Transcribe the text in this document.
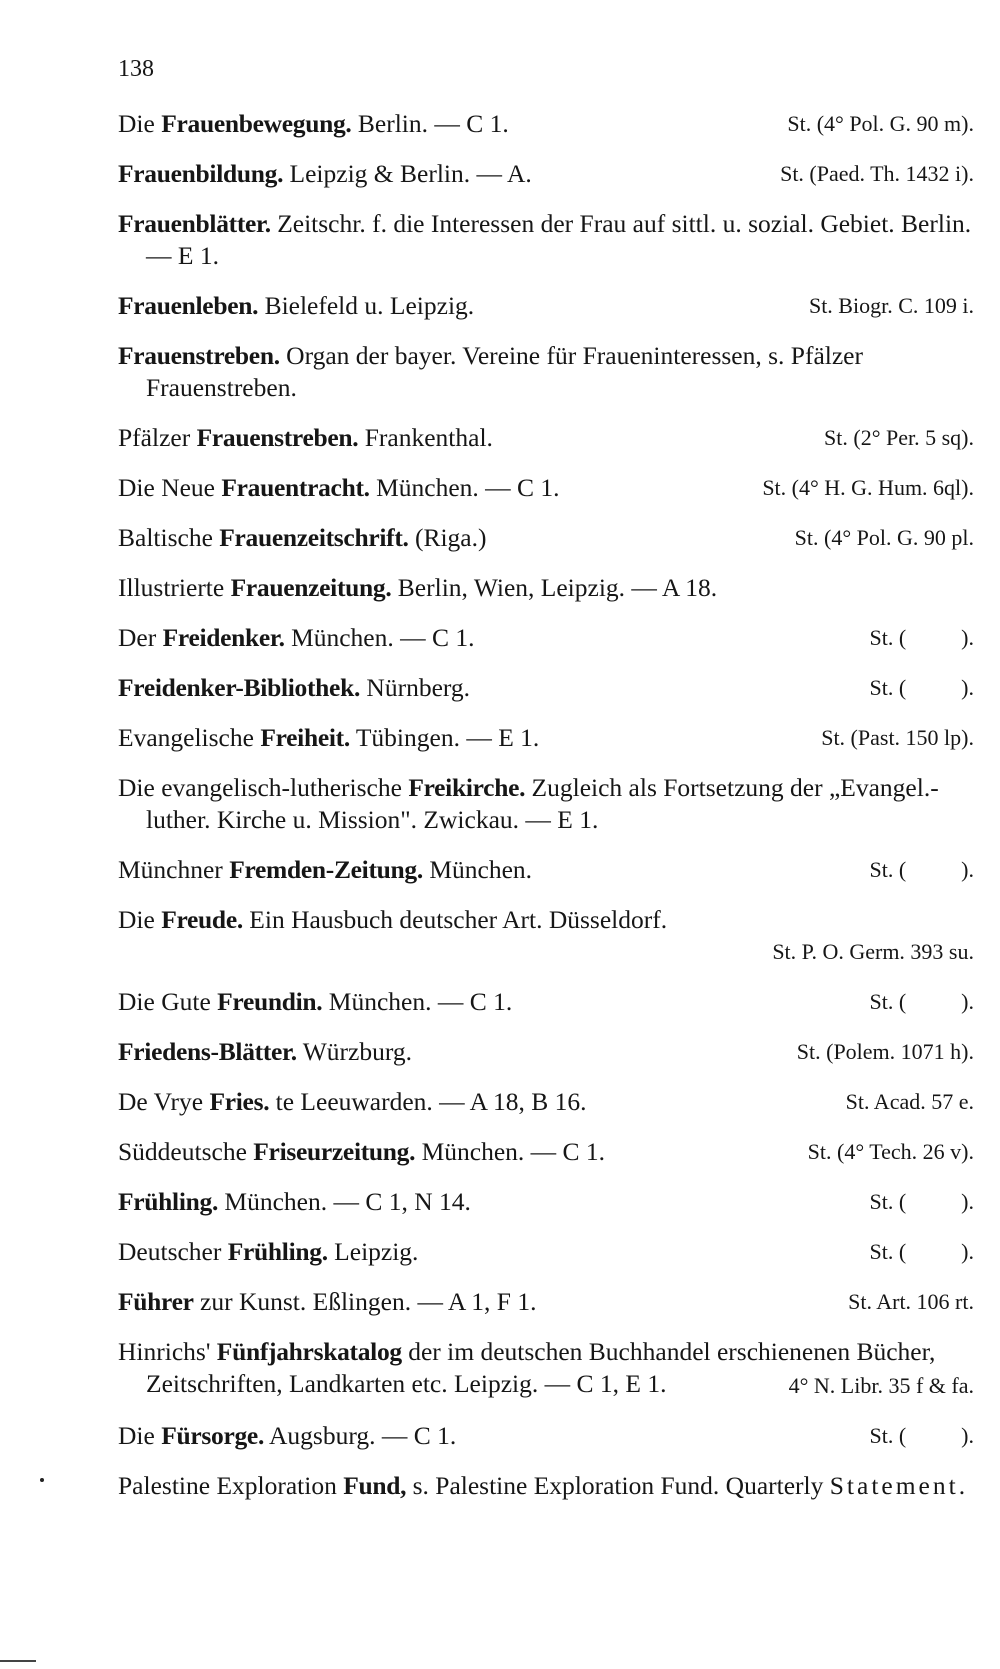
138
St. (4° Pol. G. 90 m).
Die Frauenbewegung. Berlin. — C 1.
St. (Paed. Th. 1432 i).
Frauenbildung. Leipzig & Berlin. — A.
Frauenblätter. Zeitschr. f. die Interessen der Frau auf sittl. u. sozial. Gebiet. Berlin. — E 1.
St. Biogr. C. 109 i.
Frauenleben. Bielefeld u. Leipzig.
Frauenstreben. Organ der bayer. Vereine für Fraueninteressen, s. Pfälzer Frauenstreben.
St. (2° Per. 5 sq).
Pfälzer Frauenstreben. Frankenthal.
St. (4° H. G. Hum. 6ql).
Die Neue Frauentracht. München. — C 1.
St. (4° Pol. G. 90 pl.
Baltische Frauenzeitschrift. (Riga.)
Illustrierte Frauenzeitung. Berlin, Wien, Leipzig. — A 18.
St. (          ).
Der Freidenker. München. — C 1.
St. (          ).
Freidenker-Bibliothek. Nürnberg.
St. (Past. 150 lp).
Evangelische Freiheit. Tübingen. — E 1.
Die evangelisch-lutherische Freikirche. Zugleich als Fortsetzung der „Evangel.-luther. Kirche u. Mission". Zwickau. — E 1.
St. (          ).
Münchner Fremden-Zeitung. München.
Die Freude. Ein Hausbuch deutscher Art. Düsseldorf.
St. P. O. Germ. 393 su.
St. (          ).
Die Gute Freundin. München. — C 1.
St. (Polem. 1071 h).
Friedens-Blätter. Würzburg.
St. Acad. 57 e.
De Vrye Fries. te Leeuwarden. — A 18, B 16.
St. (4° Tech. 26 v).
Süddeutsche Friseurzeitung. München. — C 1.
St. (          ).
Frühling. München. — C 1, N 14.
St. (          ).
Deutscher Frühling. Leipzig.
St. Art. 106 rt.
Führer zur Kunst. Eßlingen. — A 1, F 1.
Hinrichs' Fünfjahrskatalog der im deutschen Buchhandel erschienenen Bücher, Zeitschriften, Landkarten etc. Leipzig. — C 1, E 1.	4° N. Libr. 35 f & fa.
St. (          ).
Die Fürsorge. Augsburg. — C 1.
Palestine Exploration Fund, s. Palestine Exploration Fund. Quarterly Statement.
